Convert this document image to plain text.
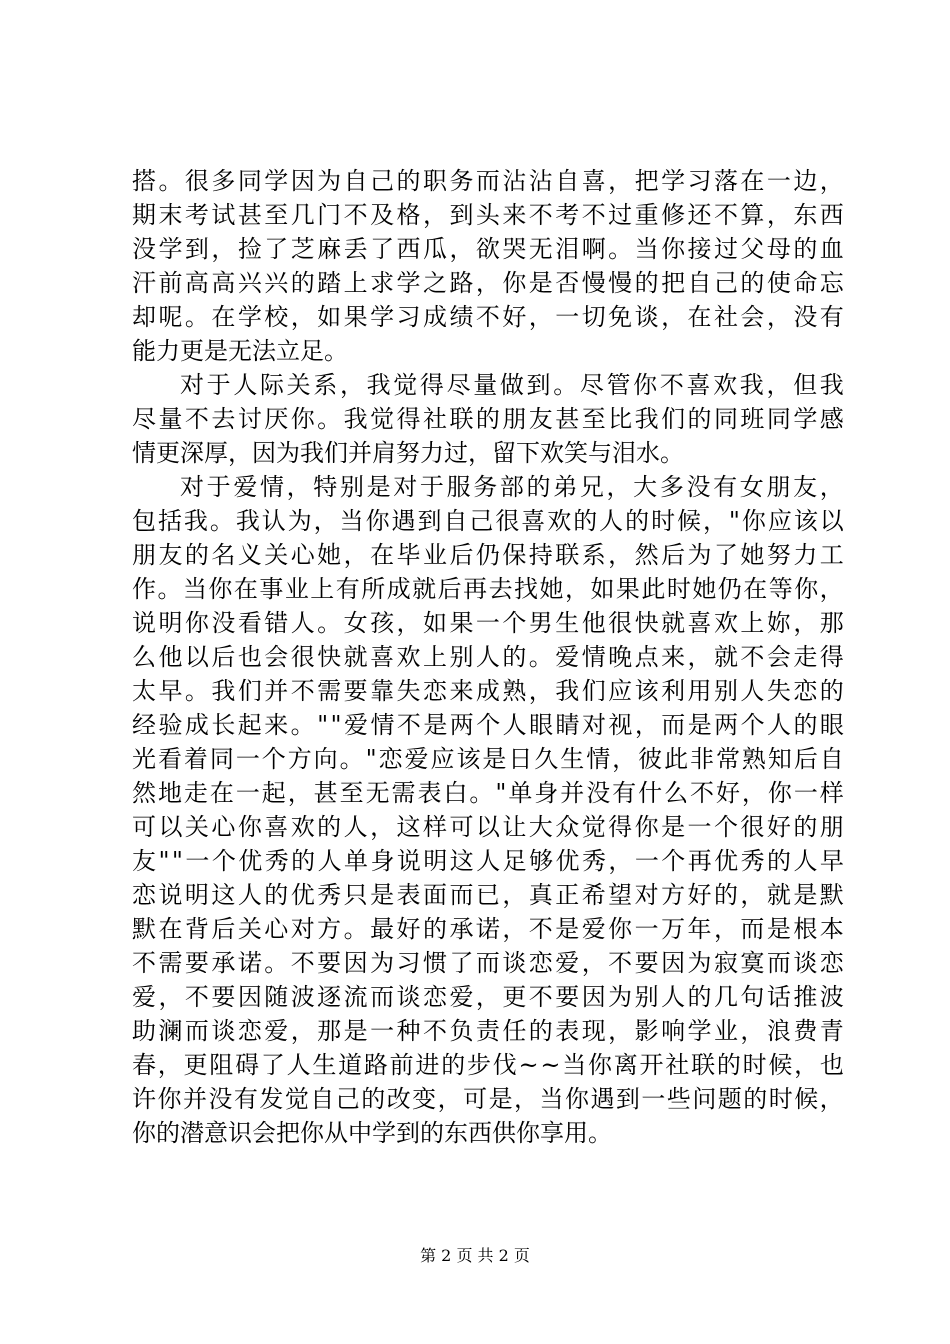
搭 。 很 多 同 学 因 为 自 己 的 职 务 而 沾 沾 自 喜 ， 把 学 习 落 在 一 边 ，
期 末 考 试 甚 至 几 门 不 及 格 ， 到 头 来 不 考 不 过 重 修 还 不 算 ， 东 西
没 学 到 ， 捡 了 芝 麻 丢 了 西 瓜 ， 欲 哭 无 泪 啊 。 当 你 接 过 父 母 的 血
汗 前 高 高 兴 兴 的 踏 上 求 学 之 路 ， 你 是 否 慢 慢 的 把 自 己 的 使 命 忘
却 呢 。 在 学 校 ， 如 果 学 习 成 绩 不 好 ， 一 切 免 谈 ， 在 社 会 ， 没 有
能力更是无法立足。
对 于 人 际 关 系 ， 我 觉 得 尽 量 做 到 。 尽 管 你 不 喜 欢 我 ， 但 我
尽 量 不 去 讨 厌 你 。 我 觉 得 社 联 的 朋 友 甚 至 比 我 们 的 同 班 同 学 感
情更深厚，因为我们并肩努力过，留下欢笑与泪水。
对 于 爱 情 ， 特 别 是 对 于 服 务 部 的 弟 兄 ， 大 多 没 有 女 朋 友 ，
包 括 我 。 我 认 为 ， 当 你 遇 到 自 己 很 喜 欢 的 人 的 时 候 ， " 你 应 该 以
朋 友 的 名 义 关 心 她 ， 在 毕 业 后 仍 保 持 联 系 ， 然 后 为 了 她 努 力 工
作 。 当 你 在 事 业 上 有 所 成 就 后 再 去 找 她 ， 如 果 此 时 她 仍 在 等 你 ，
说 明 你 没 看 错 人 。 女 孩 ， 如 果 一 个 男 生 他 很 快 就 喜 欢 上 妳 ， 那
么 他 以 后 也 会 很 快 就 喜 欢 上 别 人 的 。 爱 情 晚 点 来 ， 就 不 会 走 得
太 早 。 我 们 并 不 需 要 靠 失 恋 来 成 熟 ， 我 们 应 该 利 用 别 人 失 恋 的
经 验 成 长 起 来 。 " " 爱 情 不 是 两 个 人 眼 睛 对 视 ， 而 是 两 个 人 的 眼
光 看 着 同 一 个 方 向 。 " 恋 爱 应 该 是 日 久 生 情 ， 彼 此 非 常 熟 知 后 自
然 地 走 在 一 起 ， 甚 至 无 需 表 白 。 " 单 身 并 没 有 什 么 不 好 ， 你 一 样
可 以 关 心 你 喜 欢 的 人 ， 这 样 可 以 让 大 众 觉 得 你 是 一 个 很 好 的 朋
友 " " 一 个 优 秀 的 人 单 身 说 明 这 人 足 够 优 秀 ， 一 个 再 优 秀 的 人 早
恋 说 明 这 人 的 优 秀 只 是 表 面 而 已 ， 真 正 希 望 对 方 好 的 ， 就 是 默
默 在 背 后 关 心 对 方 。 最 好 的 承 诺 ， 不 是 爱 你 一 万 年 ， 而 是 根 本
不 需 要 承 诺 。 不 要 因 为 习 惯 了 而 谈 恋 爱 ， 不 要 因 为 寂 寞 而 谈 恋
爱 ， 不 要 因 随 波 逐 流 而 谈 恋 爱 ， 更 不 要 因 为 别 人 的 几 句 话 推 波
助 澜 而 谈 恋 爱 ， 那 是 一 种 不 负 责 任 的 表 现 ， 影 响 学 业 ， 浪 费 青
春 ， 更 阻 碍 了 人 生 道 路 前 进 的 步 伐 ~ ~ 当 你 离 开 社 联 的 时 候 ， 也
许 你 并 没 有 发 觉 自 己 的 改 变 ， 可 是 ， 当 你 遇 到 一 些 问 题 的 时 候 ，
你的潜意识会把你从中学到的东西供你享用。
第 2 页 共 2 页
